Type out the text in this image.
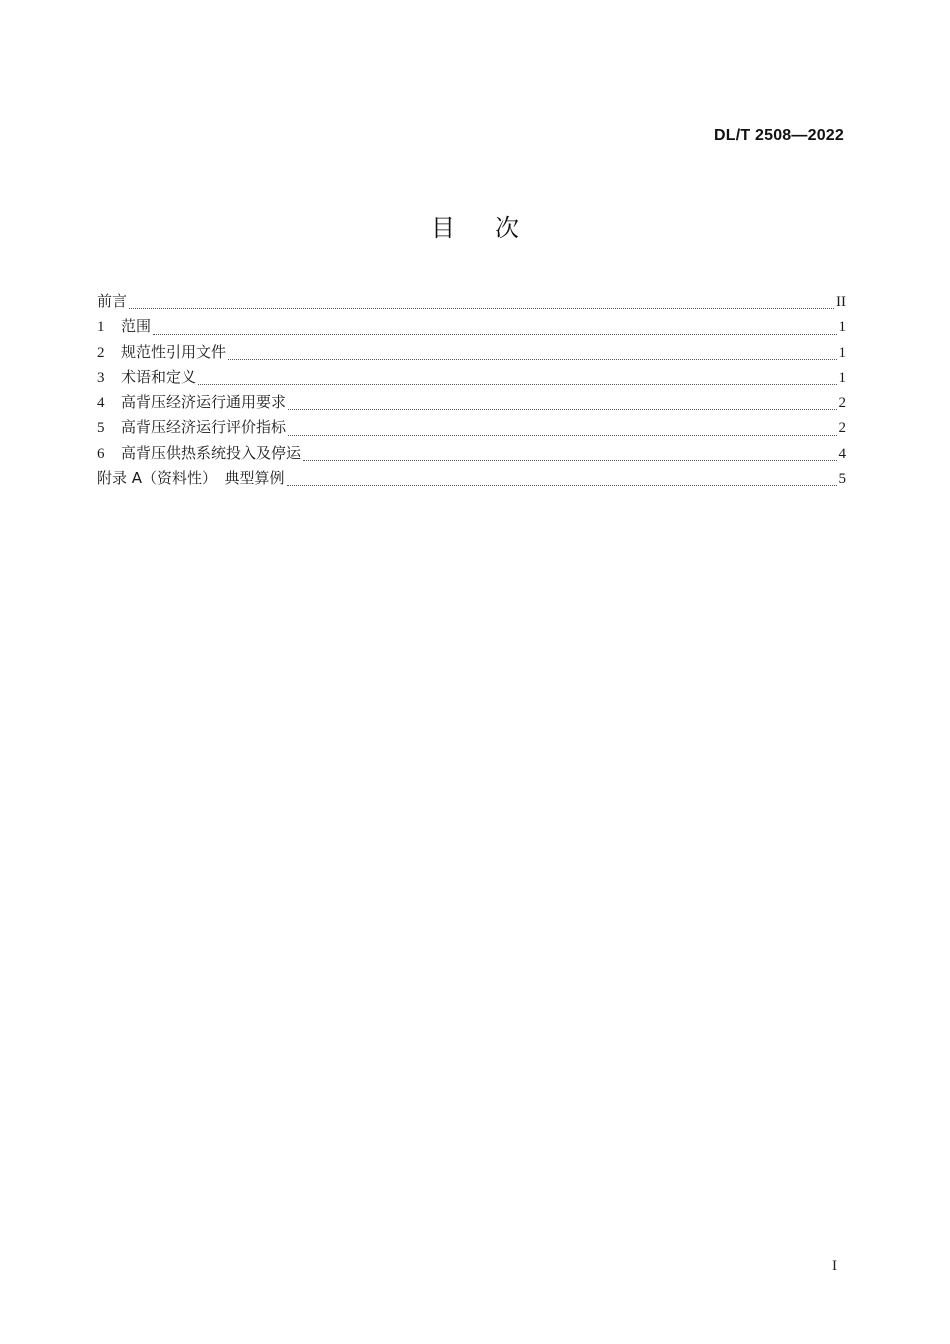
DL/T 2508—2022
目次
前言	II
1	范围	1
2	规范性引用文件	1
3	术语和定义	1
4	高背压经济运行通用要求	2
5	高背压经济运行评价指标	2
6	高背压供热系统投入及停运	4
附录 A（资料性）　典型算例	5
I
